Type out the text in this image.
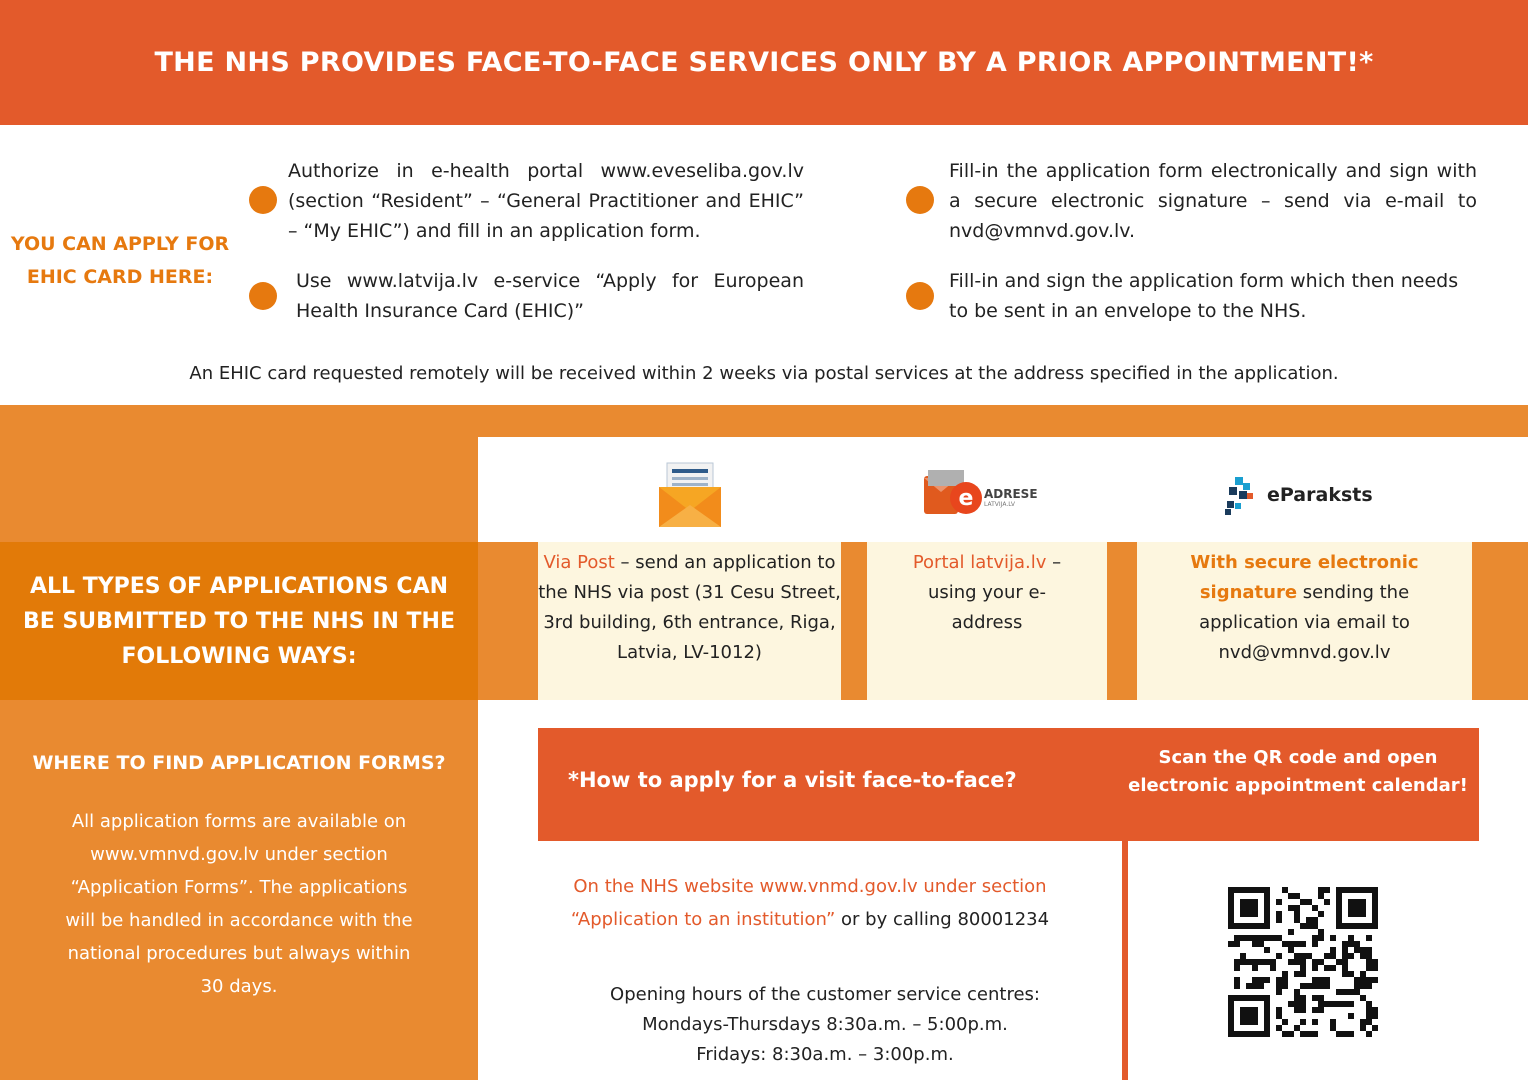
THE NHS PROVIDES FACE-TO-FACE SERVICES ONLY BY A PRIOR APPOINTMENT!*
YOU CAN APPLY FOR
EHIC CARD HERE:
Authorize in e-health portal www.eveseliba.gov.lv (section “Resident” – “General Practitioner and EHIC” – “My EHIC”) and fill in an application form.
Use www.latvija.lv e-service “Apply for European Health Insurance Card (EHIC)”
Fill-in the application form electronically and sign with a secure electronic signature – send via e-mail to nvd@vmnvd.gov.lv.
Fill-in and sign the application form which then needs to be sent in an envelope to the NHS.
An EHIC card requested remotely will be received within 2 weeks via postal services at the address specified in the application.
ALL TYPES OF APPLICATIONS CAN BE SUBMITTED TO THE NHS IN THE FOLLOWING WAYS:
WHERE TO FIND APPLICATION FORMS?
All application forms are available on www.vmnvd.gov.lv under section “Application Forms”. The applications will be handled in accordance with the national procedures but always within 30 days.
e ADRESE
LATVIJA.LV	eParaksts
Via Post – send an application to the NHS via post (31 Cesu Street, 3rd building, 6th entrance, Riga, Latvia, LV-1012)
Portal latvija.lv – using your e-address
With secure electronic signature sending the application via email to nvd@vmnvd.gov.lv
*How to apply for a visit face-to-face?
Scan the QR code and open electronic appointment calendar!
On the NHS website www.vnmd.gov.lv under section “Application to an institution” or by calling 80001234
Opening hours of the customer service centres:
Mondays-Thursdays 8:30a.m. – 5:00p.m.
Fridays: 8:30a.m. – 3:00p.m.
